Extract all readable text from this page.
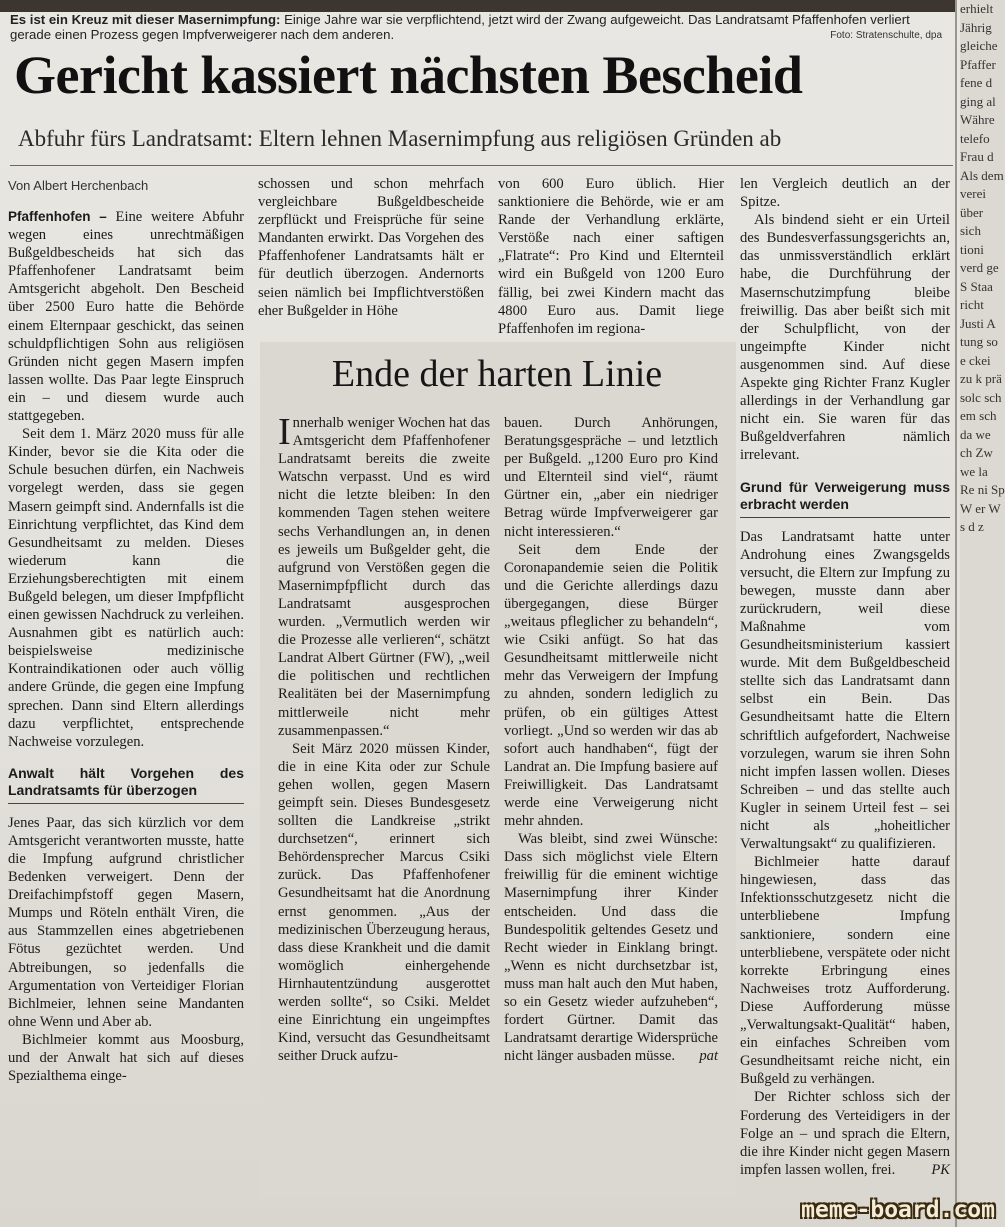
Es ist ein Kreuz mit dieser Masernimpfung: Einige Jahre war sie verpflichtend, jetzt wird der Zwang aufgeweicht. Das Landratsamt Pfaffenhofen verliert gerade einen Prozess gegen Impfverweigerer nach dem anderen.	Foto: Stratenschulte, dpa
Gericht kassiert nächsten Bescheid
Abfuhr fürs Landratsamt: Eltern lehnen Masernimpfung aus religiösen Gründen ab
Von Albert Herchenbach

Pfaffenhofen – Eine weitere Abfuhr wegen eines unrechtmäßigen Bußgeldbescheids hat sich das Pfaffenhofener Landratsamt beim Amtsgericht abgeholt. Den Bescheid über 2500 Euro hatte die Behörde einem Elternpaar geschickt, das seinen schuldpflichtigen Sohn aus religiösen Gründen nicht gegen Masern impfen lassen wollte. Das Paar legte Einspruch ein – und diesem wurde auch stattgegeben.

Seit dem 1. März 2020 muss für alle Kinder, bevor sie die Kita oder die Schule besuchen dürfen, ein Nachweis vorgelegt werden, dass sie gegen Masern geimpft sind. Andernfalls ist die Einrichtung verpflichtet, das Kind dem Gesundheitsamt zu melden. Dieses wiederum kann die Erziehungsberechtigten mit einem Bußgeld belegen, um dieser Impfpflicht einen gewissen Nachdruck zu verleihen. Ausnahmen gibt es natürlich auch: beispielsweise medizinische Kontraindikationen oder auch völlig andere Gründe, die gegen eine Impfung sprechen. Dann sind Eltern allerdings dazu verpflichtet, entsprechende Nachweise vorzulegen.

Anwalt hält Vorgehen des Landratsamts für überzogen

Jenes Paar, das sich kürzlich vor dem Amtsgericht verantworten musste, hatte die Impfung aufgrund christlicher Bedenken verweigert. Denn der Dreifachimpfstoff gegen Masern, Mumps und Röteln enthält Viren, die aus Stammzellen eines abgetriebenen Fötus gezüchtet werden. Und Abtreibungen, so jedenfalls die Argumentation von Verteidiger Florian Bichlmeier, lehnen seine Mandanten ohne Wenn und Aber ab.

Bichlmeier kommt aus Moosburg, und der Anwalt hat sich auf dieses Spezialthema einge-

schossen und schon mehrfach vergleichbare Bußgeldbescheide zerpflückt und Freisprüche für seine Mandanten erwirkt. Das Vorgehen des Pfaffenhofener Landratsamts hält er für deutlich überzogen. Andernorts seien nämlich bei Impflichtverstößen eher Bußgelder in Höhe

von 600 Euro üblich. Hier sanktioniere die Behörde, wie er am Rande der Verhandlung erklärte, Verstöße nach einer saftigen „Flatrate“: Pro Kind und Elternteil wird ein Bußgeld von 1200 Euro fällig, bei zwei Kindern macht das 4800 Euro aus. Damit liege Pfaffenhofen im regiona-

Ende der harten Linie

Innerhalb weniger Wochen hat das Amtsgericht dem Pfaffenhofener Landratsamt bereits die zweite Watschn verpasst. Und es wird nicht die letzte bleiben: In den kommenden Tagen stehen weitere sechs Verhandlungen an, in denen es jeweils um Bußgelder geht, die aufgrund von Verstößen gegen die Masernimpfpflicht durch das Landratsamt ausgesprochen wurden. „Vermutlich werden wir die Prozesse alle verlieren“, schätzt Landrat Albert Gürtner (FW), „weil die politischen und rechtlichen Realitäten bei der Masernimpfung mittlerweile nicht mehr zusammenpassen.“

Seit März 2020 müssen Kinder, die in eine Kita oder zur Schule gehen wollen, gegen Masern geimpft sein. Dieses Bundesgesetz sollten die Landkreise „strikt durchsetzen“, erinnert sich Behördensprecher Marcus Csiki zurück. Das Pfaffenhofener Gesundheitsamt hat die Anordnung ernst genommen. „Aus der medizinischen Überzeugung heraus, dass diese Krankheit und die damit womöglich einhergehende Hirnhautentzündung ausgerottet werden sollte“, so Csiki. Meldet eine Einrichtung ein ungeimpftes Kind, versucht das Gesundheitsamt seither Druck aufzu-

bauen. Durch Anhörungen, Beratungsgespräche – und letztlich per Bußgeld. „1200 Euro pro Kind und Elternteil sind viel“, räumt Gürtner ein, „aber ein niedriger Betrag würde Impfverweigerer gar nicht interessieren.“

Seit dem Ende der Coronapandemie seien die Politik und die Gerichte allerdings dazu übergegangen, diese Bürger „weitaus pfleglicher zu behandeln“, wie Csiki anfügt. So hat das Gesundheitsamt mittlerweile nicht mehr das Verweigern der Impfung zu ahnden, sondern lediglich zu prüfen, ob ein gültiges Attest vorliegt. „Und so werden wir das ab sofort auch handhaben“, fügt der Landrat an. Die Impfung basiere auf Freiwilligkeit. Das Landratsamt werde eine Verweigerung nicht mehr ahnden.

Was bleibt, sind zwei Wünsche: Dass sich möglichst viele Eltern freiwillig für die eminent wichtige Masernimpfung ihrer Kinder entscheiden. Und dass die Bundespolitik geltendes Gesetz und Recht wieder in Einklang bringt. „Wenn es nicht durchsetzbar ist, muss man halt auch den Mut haben, so ein Gesetz wieder aufzuheben“, fordert Gürtner. Damit das Landratsamt derartige Widersprüche nicht länger ausbaden müsse.	pat

len Vergleich deutlich an der Spitze.

Als bindend sieht er ein Urteil des Bundesverfassungsgerichts an, das unmissverständlich erklärt habe, die Durchführung der Masernschutzimpfung bleibe freiwillig. Das aber beißt sich mit der Schulpflicht, von der ungeimpfte Kinder nicht ausgenommen sind. Auf diese Aspekte ging Richter Franz Kugler allerdings in der Verhandlung gar nicht ein. Sie waren für das Bußgeldverfahren nämlich irrelevant.

Grund für Verweigerung muss erbracht werden

Das Landratsamt hatte unter Androhung eines Zwangsgelds versucht, die Eltern zur Impfung zu bewegen, musste dann aber zurückrudern, weil diese Maßnahme vom Gesundheitsministerium kassiert wurde. Mit dem Bußgeldbescheid stellte sich das Landratsamt dann selbst ein Bein. Das Gesundheitsamt hatte die Eltern schriftlich aufgefordert, Nachweise vorzulegen, warum sie ihren Sohn nicht impfen lassen wollen. Dieses Schreiben – und das stellte auch Kugler in seinem Urteil fest – sei nicht als „hoheitlicher Verwaltungsakt“ zu qualifizieren.

Bichlmeier hatte darauf hingewiesen, dass das Infektionsschutzgesetz nicht die unterbliebene Impfung sanktioniere, sondern eine unterbliebene, verspätete oder nicht korrekte Erbringung eines Nachweises trotz Aufforderung. Diese Aufforderung müsse „Verwaltungsakt-Qualität“ haben, ein einfaches Schreiben vom Gesundheitsamt reiche nicht, ein Bußgeld zu verhängen.

Der Richter schloss sich der Forderung des Verteidigers in der Folge an – und sprach die Eltern, die ihre Kinder nicht gegen Masern impfen lassen wollen, frei.	PK

erhielt Jährig gleiche Pfaffer fene d ging al Währe telefo Frau d Als dem verei über sich tioni verd ge S Staa richt Justi A tung so e ckei zu k prä solc sch em sch da we ch Zw we la Re ni Sp W er W s d z
meme-board.com
